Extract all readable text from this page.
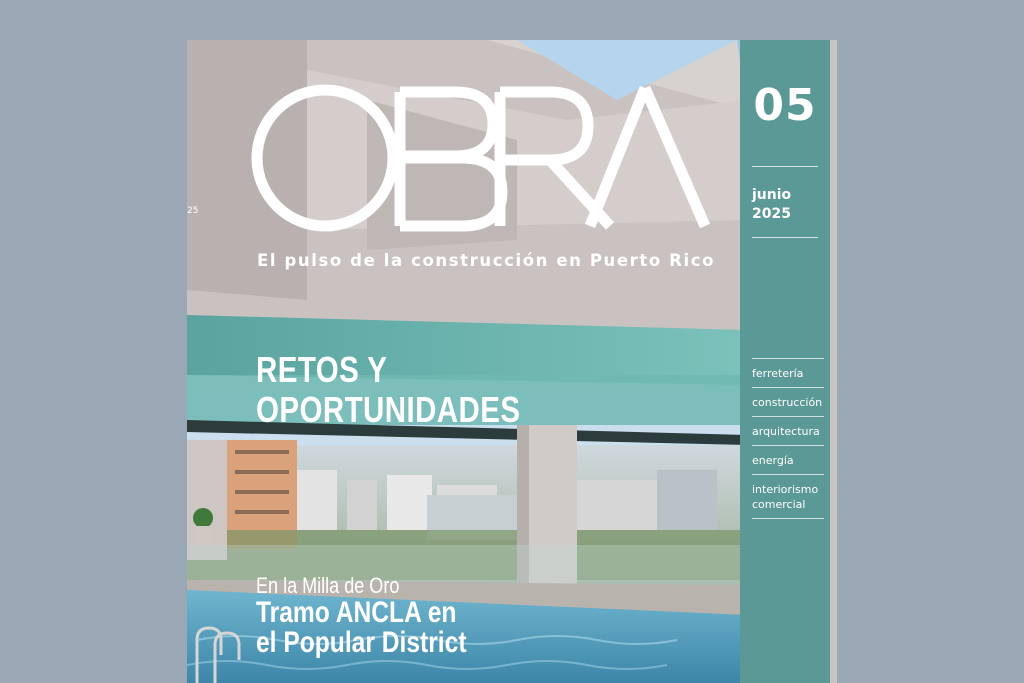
25
El pulso de la construcción en Puerto Rico
RETOS Y
OPORTUNIDADES
En la Milla de Oro
Tramo ANCLA en
el Popular District
05
junio
2025
ferretería
construcción
arquitectura
energía
interiorismo comercial
